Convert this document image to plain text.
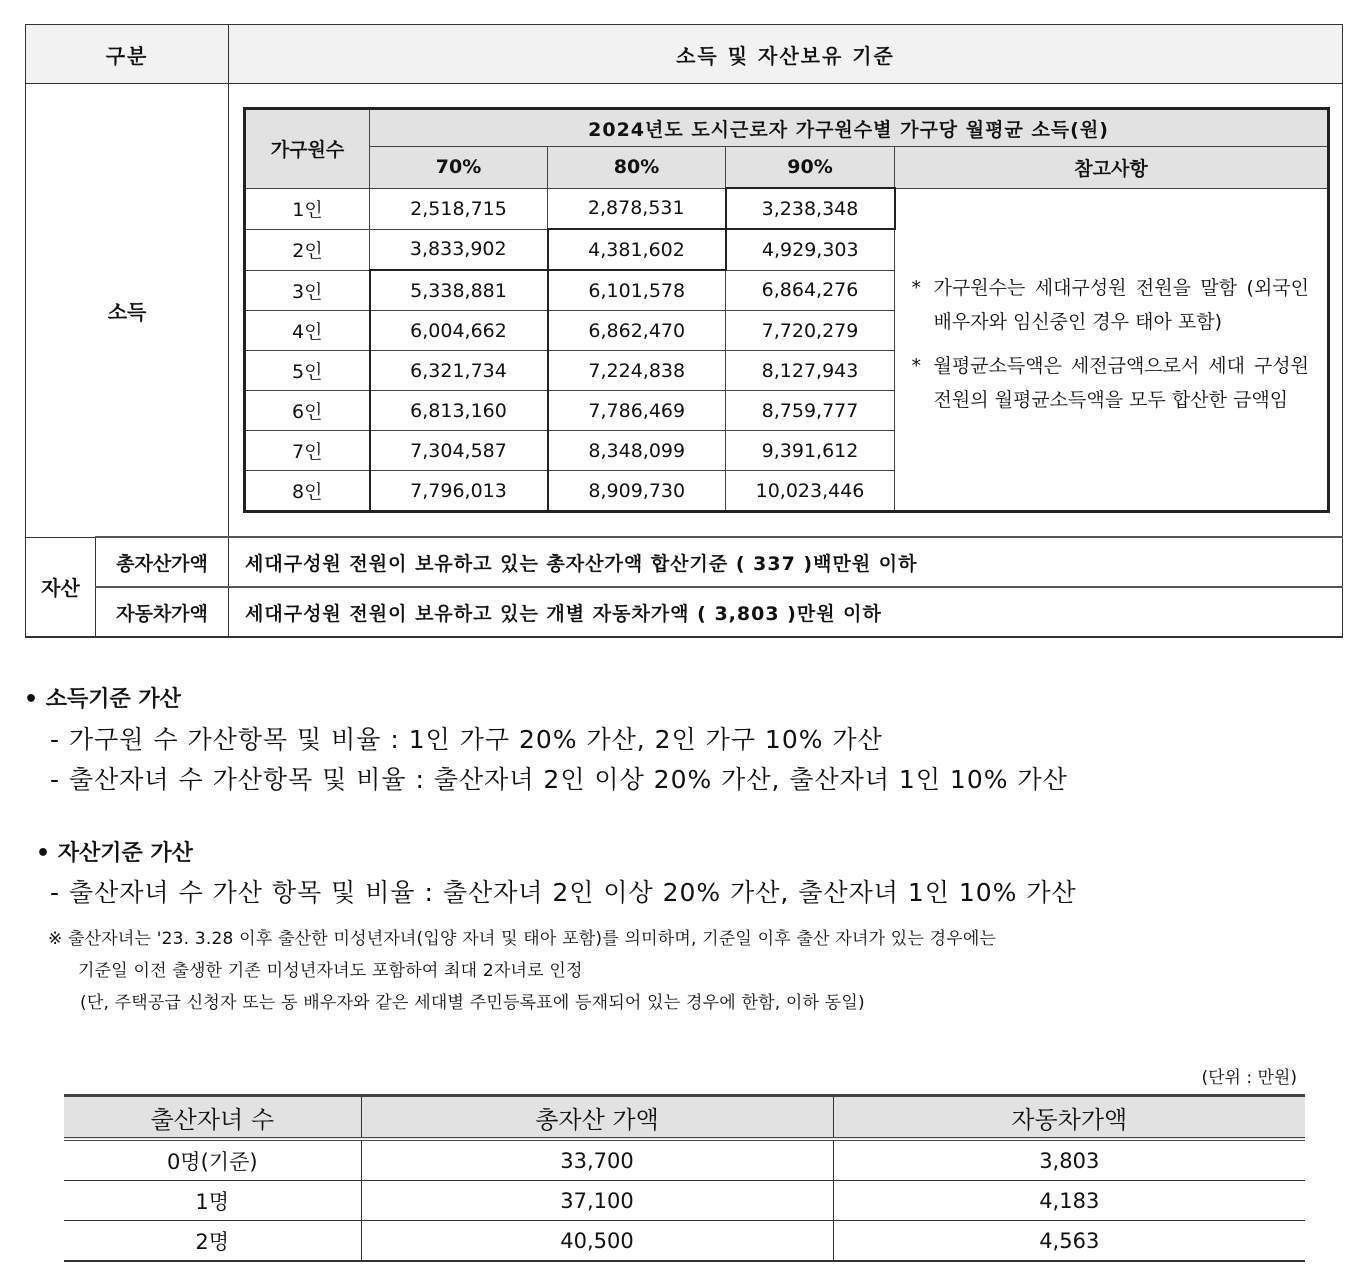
구분	소득 및 자산보유 기준
소득	
가구원수	2024년도 도시근로자 가구원수별 가구당 월평균 소득(원)
70%	80%	90%	참고사항
1인	2,518,715	2,878,531	3,238,348	
* 가구원수는 세대구성원 전원을 말함 (외국인 배우자와 임신중인 경우 태아 포함)
* 월평균소득액은 세전금액으로서 세대 구성원 전원의 월평균소득액을 모두 합산한 금액임

2인	3,833,902	4,381,602	4,929,303
3인	5,338,881	6,101,578	6,864,276
4인	6,004,662	6,862,470	7,720,279
5인	6,321,734	7,224,838	8,127,943
6인	6,813,160	7,786,469	8,759,777
7인	7,304,587	8,348,099	9,391,612
8인	7,796,013	8,909,730	10,023,446

자산	총자산가액	세대구성원 전원이 보유하고 있는 총자산가액 합산기준 ( 337 )백만원 이하
자동차가액	세대구성원 전원이 보유하고 있는 개별 자동차가액 ( 3,803 )만원 이하
• 소득기준 가산
- 가구원 수 가산항목 및 비율 : 1인 가구 20% 가산, 2인 가구 10% 가산
- 출산자녀 수 가산항목 및 비율 : 출산자녀 2인 이상 20% 가산, 출산자녀 1인 10% 가산
• 자산기준 가산
- 출산자녀 수 가산 항목 및 비율 : 출산자녀 2인 이상 20% 가산, 출산자녀 1인 10% 가산
※ 출산자녀는 '23. 3.28 이후 출산한 미성년자녀(입양 자녀 및 태아 포함)를 의미하며, 기준일 이후 출산 자녀가 있는 경우에는
기준일 이전 출생한 기존 미성년자녀도 포함하여 최대 2자녀로 인정
(단, 주택공급 신청자 또는 동 배우자와 같은 세대별 주민등록표에 등재되어 있는 경우에 한함, 이하 동일)
(단위 : 만원)
출산자녀 수	총자산 가액	자동차가액
0명(기준)	33,700	3,803
1명	37,100	4,183
2명	40,500	4,563
